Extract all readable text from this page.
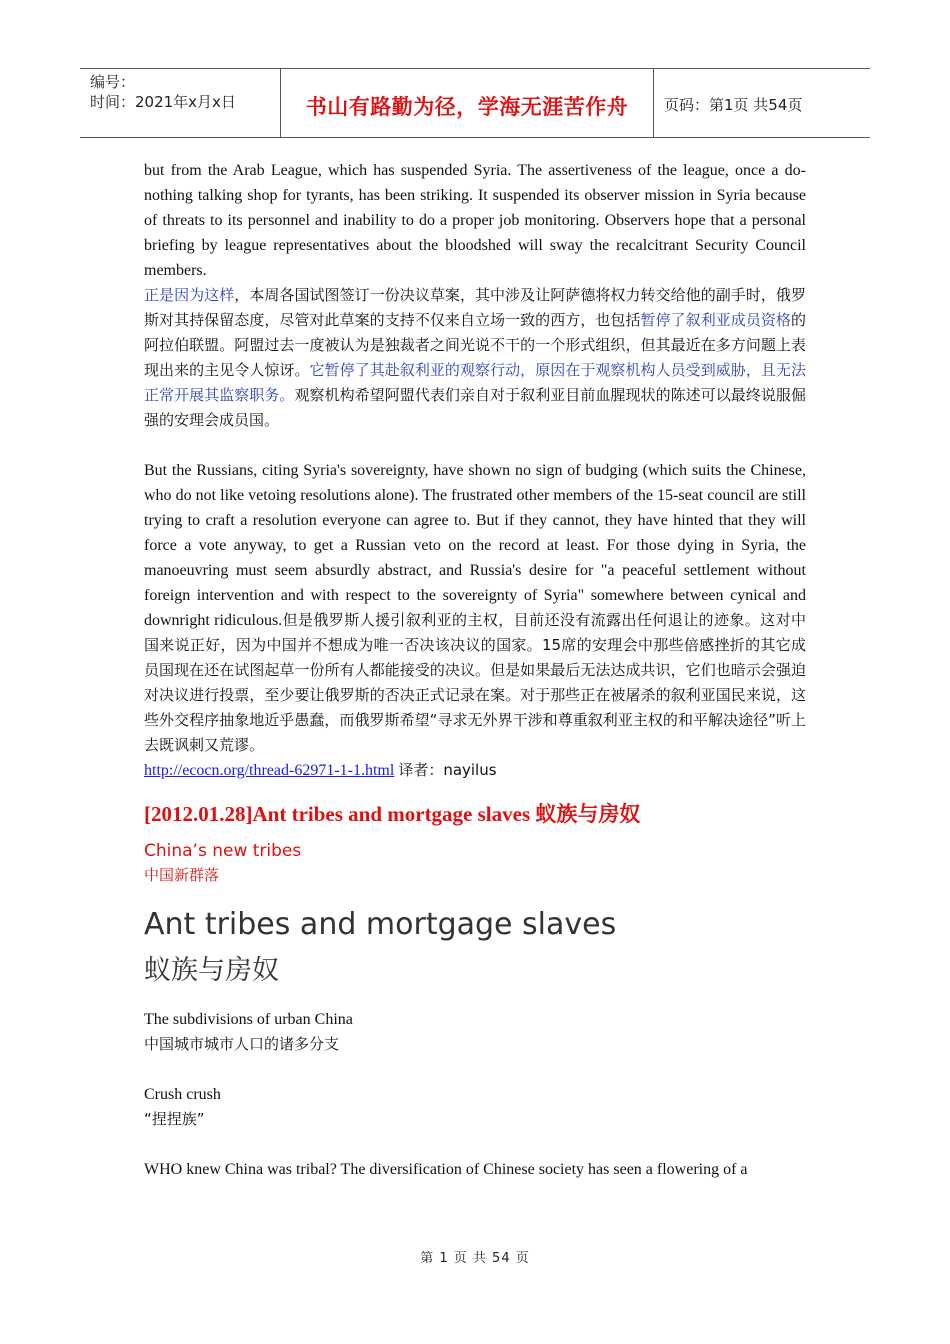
编号：
时间：2021年x月x日	书山有路勤为径，学海无涯苦作舟	页码：第1页 共54页

but from the Arab League, which has suspended Syria. The assertiveness of the league, once a do-nothing talking shop for tyrants, has been striking. It suspended its observer mission in Syria because of threats to its personnel and inability to do a proper job monitoring. Observers hope that a personal briefing by league representatives about the bloodshed will sway the recalcitrant Security Council members.

正是因为这样，本周各国试图签订一份决议草案，其中涉及让阿萨德将权力转交给他的副手时，俄罗斯对其持保留态度，尽管对此草案的支持不仅来自立场一致的西方，也包括暂停了叙利亚成员资格的阿拉伯联盟。阿盟过去一度被认为是独裁者之间光说不干的一个形式组织，但其最近在多方问题上表现出来的主见令人惊讶。它暂停了其赴叙利亚的观察行动，原因在于观察机构人员受到威胁，且无法正常开展其监察职务。观察机构希望阿盟代表们亲自对于叙利亚目前血腥现状的陈述可以最终说服倔强的安理会成员国。

But the Russians, citing Syria's sovereignty, have shown no sign of budging (which suits the Chinese, who do not like vetoing resolutions alone). The frustrated other members of the 15-seat council are still trying to craft a resolution everyone can agree to. But if they cannot, they have hinted that they will force a vote anyway, to get a Russian veto on the record at least. For those dying in Syria, the manoeuvring must seem absurdly abstract, and Russia's desire for "a peaceful settlement without foreign intervention and with respect to the sovereignty of Syria" somewhere between cynical and downright ridiculous.但是俄罗斯人援引叙利亚的主权，目前还没有流露出任何退让的迹象。这对中国来说正好，因为中国并不想成为唯一否决该决议的国家。15席的安理会中那些倍感挫折的其它成员国现在还在试图起草一份所有人都能接受的决议。但是如果最后无法达成共识，它们也暗示会强迫对决议进行投票，至少要让俄罗斯的否决正式记录在案。对于那些正在被屠杀的叙利亚国民来说，这些外交程序抽象地近乎愚蠢，而俄罗斯希望“寻求无外界干涉和尊重叙利亚主权的和平解决途径”听上去既讽刺又荒谬。

http://ecocn.org/thread-62971-1-1.html 译者：nayilus

[2012.01.28]Ant tribes and mortgage slaves 蚁族与房奴
China’s new tribes
中国新群落
Ant tribes and mortgage slaves
蚁族与房奴

The subdivisions of urban China

中国城市城市人口的诸多分支

Crush crush

“捏捏族”

WHO knew China was tribal? The diversification of Chinese society has seen a flowering of a

第 1 页 共 54 页
